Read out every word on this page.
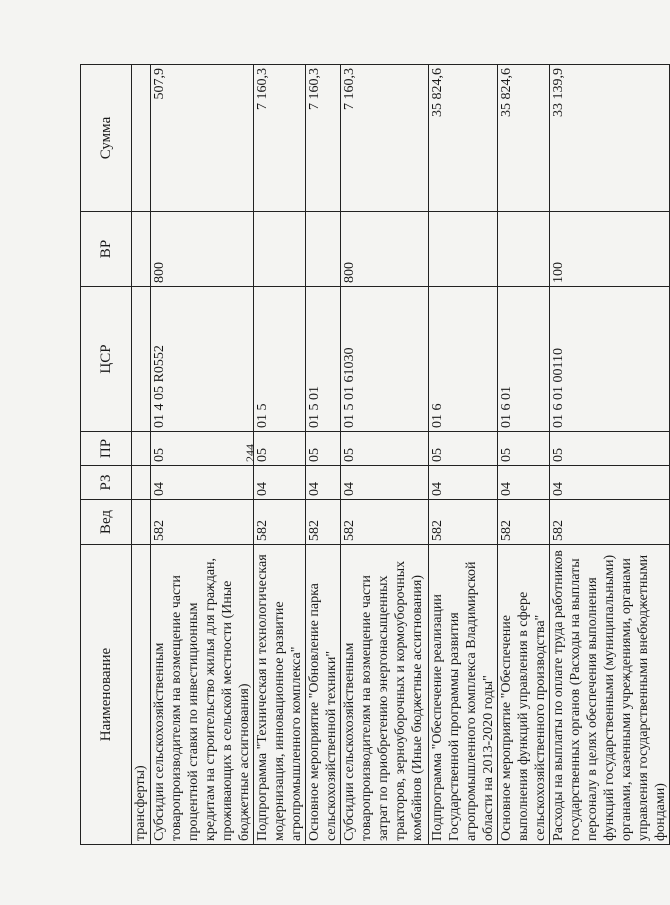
244
Наименование	Вед	РЗ	ПР	ЦСР	ВР	Сумма
трансферты)						
Субсидии сельскохозяйственным товаропроизводителям на возмещение части процентной ставки по инвестиционным кредитам на строительство жилья для граждан, проживающих в сельской местности (Иные бюджетные ассигнования)	582	04	05	01 4 05 R0552	800	507,9
Подпрограмма "Техническая и технологическая модернизация, инновационное развитие агропромышленного комплекса"	582	04	05	01 5		7 160,3
Основное мероприятие "Обновление парка сельскохозяйственной техники"	582	04	05	01 5 01		7 160,3
Субсидии сельскохозяйственным товаропроизводителям на возмещение части затрат по приобретению энергонасыщенных тракторов, зерноуборочных и кормоуборочных комбайнов (Иные бюджетные ассигнования)	582	04	05	01 5 01 61030	800	7 160,3
Подпрограмма "Обеспечение реализации Государственной программы развития агропромышленного комплекса Владимирской области на 2013-2020 годы"	582	04	05	01 6		35 824,6
Основное мероприятие "Обеспечение выполнения функций управления в сфере сельскохозяйственного производства"	582	04	05	01 6 01		35 824,6
Расходы на выплаты по оплате труда работников государственных органов (Расходы на выплаты персоналу в целях обеспечения выполнения функций государственными (муниципальными) органами, казенными учреждениями, органами управления государственными внебюджетными фондами)	582	04	05	01 6 01 00110	100	33 139,9
